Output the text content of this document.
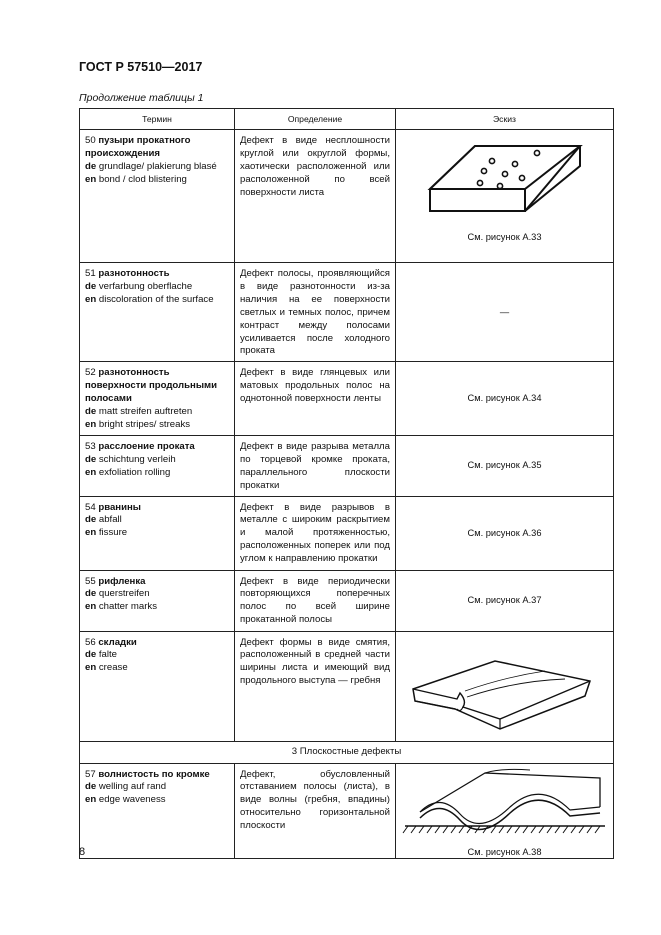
ГОСТ Р 57510—2017
Продолжение таблицы 1
Термин	Определение	Эскиз

50 пузыри прокатного происхождения
de grundlage/ plakierung blasé
en bond / clod blistering	Дефект в виде несплошности круглой или округлой формы, хаотически расположенной или расположенной по всей поверхности листа	См. рисунок А.33

51 разнотонность
de verfarbung oberflache
en discoloration of the surface	Дефект полосы, проявляющийся в виде разнотонности из-за наличия на ее поверхности светлых и темных полос, причем контраст между полосами усиливается после холодного проката	—

52 разнотонность поверхности продольными полосами
de matt streifen auftreten
en bright stripes/ streaks	Дефект в виде глянцевых или матовых продольных полос на однотонной поверхности ленты	См. рисунок А.34

53 расслоение проката
de schichtung verleih
en exfoliation rolling	Дефект в виде разрыва металла по торцевой кромке проката, параллельного плоскости прокатки	См. рисунок А.35

54 рванины
de abfall
en fissure	Дефект в виде разрывов в металле с широким раскрытием и малой протяженностью, расположенных поперек или под углом к направлению прокатки	См. рисунок А.36

55 рифленка
de querstreifen
en chatter marks	Дефект в виде периодически повторяющихся поперечных полос по всей ширине прокатанной полосы	См. рисунок А.37

56 складки
de falte
en crease	Дефект формы в виде смятия, расположенный в средней части ширины листа и имеющий вид продольного выступа — гребня

3 Плоскостные дефекты		

57 волнистость по кромке
de welling auf rand
en edge waveness	Дефект, обусловленный отставанием полосы (листа), в виде волны (гребня, впадины) относительно горизонтальной плоскости	См. рисунок А.38
8
